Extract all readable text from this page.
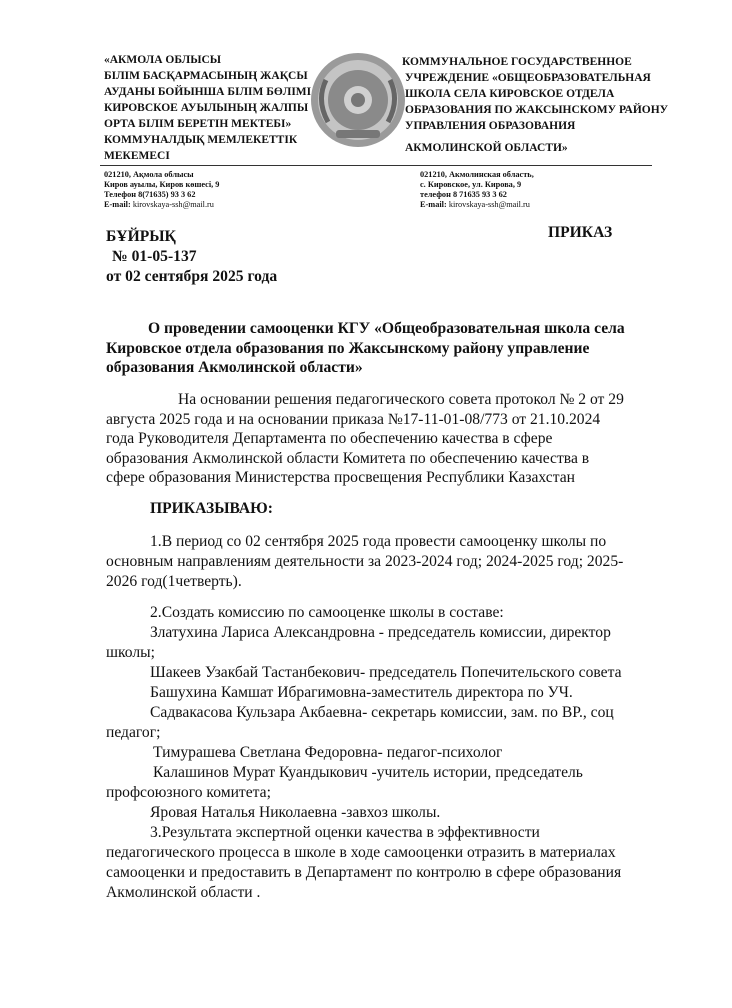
«АКМОЛА ОБЛЫСЫ
БІЛІМ БАСҚАРМАСЫНЫҢ ЖАҚСЫ
АУДАНЫ БОЙЫНША БІЛІМ БӨЛІМІ
КИРОВСКОЕ АУЫЛЫНЫҢ ЖАЛПЫ
ОРТА БІЛІМ БЕРЕТІН МЕКТЕБІ»
КОММУНАЛДЫҚ МЕМЛЕКЕТТІК
МЕКЕМЕСІ
КОММУНАЛЬНОЕ ГОСУДАРСТВЕННОЕ
УЧРЕЖДЕНИЕ «ОБЩЕОБРАЗОВАТЕЛЬНАЯ
ШКОЛА СЕЛА КИРОВСКОЕ ОТДЕЛА
ОБРАЗОВАНИЯ ПО ЖАКСЫНСКОМУ РАЙОНУ
УПРАВЛЕНИЯ ОБРАЗОВАНИЯ
АКМОЛИНСКОЙ ОБЛАСТИ»
021210, Ақмола облысы
Киров ауылы, Киров көшесі, 9
Телефон 8(71635) 93 3 62
021210, Акмолинская область,
с. Кировское, ул. Кирова, 9
телефон 8 71635 93 3 62
E-mail: kirovskaya-ssh@mail.ru	E-mail: kirovskaya-ssh@mail.ru
БҰЙРЫҚ	ПРИКАЗ
№ 01-05-137
от 02 сентября 2025 года
О проведении самооценки КГУ «Общеобразовательная школа села
Кировское отдела образования по Жаксынскому району управление
образования Акмолинской области»
На основании решения педагогического совета протокол № 2 от 29
августа 2025 года и на основании приказа №17-11-01-08/773 от 21.10.2024
года Руководителя Департамента по обеспечению качества в сфере
образования Акмолинской области Комитета по обеспечению качества в
сфере образования Министерства просвещения Республики Казахстан
ПРИКАЗЫВАЮ:
1.В период со 02 сентября 2025 года провести самооценку школы по
основным направлениям деятельности за 2023-2024 год; 2024-2025 год; 2025-
2026 год(1четверть).
2.Создать комиссию по самооценке школы в составе:
Златухина Лариса Александровна - председатель комиссии, директор
школы;
Шакеев Узакбай Тастанбекович- председатель Попечительского совета
Башухина Камшат Ибрагимовна-заместитель директора по УЧ.
Садвакасова Кульзара Акбаевна- секретарь комиссии, зам. по ВР., соц
педагог;
Тимурашева Светлана Федоровна- педагог-психолог
Калашинов Мурат Куандыкович -учитель истории, председатель
профсоюзного комитета;
Яровая Наталья Николаевна -завхоз школы.
3.Результата экспертной оценки качества в эффективности
педагогического процесса в школе в ходе самооценки отразить в материалах
самооценки и предоставить в Департамент по контролю в сфере образования
Акмолинской области .
